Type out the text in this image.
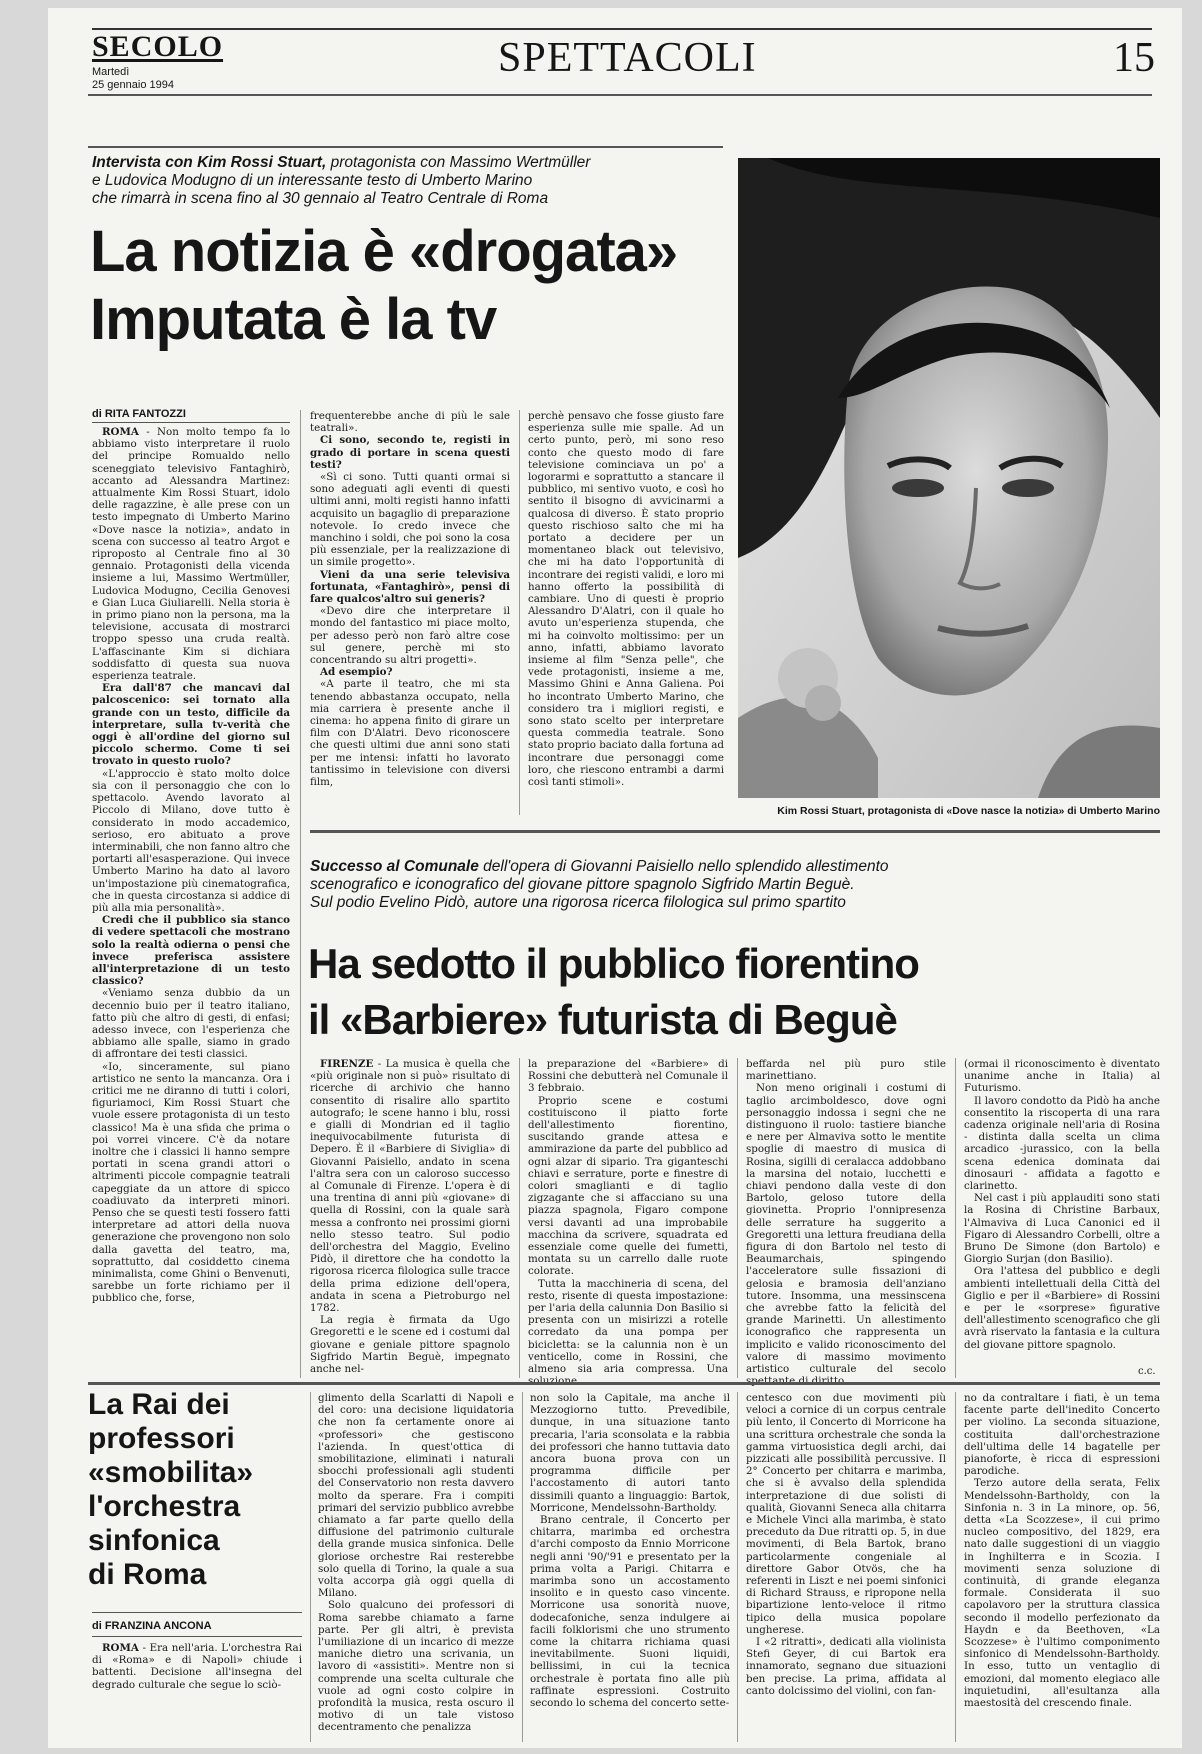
SECOLO
Martedì
25 gennaio 1994
SPETTACOLI	15
Intervista con Kim Rossi Stuart, protagonista con Massimo Wertmüller
e Ludovica Modugno di un interessante testo di Umberto Marino
che rimarrà in scena fino al 30 gennaio al Teatro Centrale di Roma
La notizia è «drogata»
Imputata è la tv
di RITA FANTOZZI

ROMA - Non molto tempo fa lo abbiamo visto interpretare il ruolo del principe Romualdo nello sceneggiato televisivo Fantaghirò, accanto ad Alessandra Martinez: attualmente Kim Rossi Stuart, idolo delle ragazzine, è alle prese con un testo impegnato di Umberto Marino «Dove nasce la notizia», andato in scena con successo al teatro Argot e riproposto al Centrale fino al 30 gennaio. Protagonisti della vicenda insieme a lui, Massimo Wertmüller, Ludovica Modugno, Cecilia Genovesi e Gian Luca Giuliarelli. Nella storia è in primo piano non la persona, ma la televisione, accusata di mostrarci troppo spesso una cruda realtà. L'affascinante Kim si dichiara soddisfatto di questa sua nuova esperienza teatrale.

Era dall'87 che mancavi dal palcoscenico: sei tornato alla grande con un testo, difficile da interpretare, sulla tv-verità che oggi è all'ordine del giorno sul piccolo schermo. Come ti sei trovato in questo ruolo?

«L'approccio è stato molto dolce sia con il personaggio che con lo spettacolo. Avendo lavorato al Piccolo di Milano, dove tutto è considerato in modo accademico, serioso, ero abituato a prove interminabili, che non fanno altro che portarti all'esasperazione. Qui invece Umberto Marino ha dato al lavoro un'impostazione più cinematografica, che in questa circostanza si addice di più alla mia personalità».

Credi che il pubblico sia stanco di vedere spettacoli che mostrano solo la realtà odierna o pensi che invece preferisca assistere all'interpretazione di un testo classico?

«Veniamo senza dubbio da un decennio buio per il teatro italiano, fatto più che altro di gesti, di enfasi; adesso invece, con l'esperienza che abbiamo alle spalle, siamo in grado di affrontare dei testi classici.

«Io, sinceramente, sul piano artistico ne sento la mancanza. Ora i critici me ne diranno di tutti i colori, figuriamoci, Kim Rossi Stuart che vuole essere protagonista di un testo classico! Ma è una sfida che prima o poi vorrei vincere. C'è da notare inoltre che i classici li hanno sempre portati in scena grandi attori o altrimenti piccole compagnie teatrali capeggiate da un attore di spicco coadiuvato da interpreti minori. Penso che se questi testi fossero fatti interpretare ad attori della nuova generazione che provengono non solo dalla gavetta del teatro, ma, soprattutto, dal cosiddetto cinema minimalista, come Ghini o Benvenuti, sarebbe un forte richiamo per il pubblico che, forse,

frequenterebbe anche di più le sale teatrali».

Ci sono, secondo te, registi in grado di portare in scena questi testi?

«Sì ci sono. Tutti quanti ormai si sono adeguati agli eventi di questi ultimi anni, molti registi hanno infatti acquisito un bagaglio di preparazione notevole. Io credo invece che manchino i soldi, che poi sono la cosa più essenziale, per la realizzazione di un simile progetto».

Vieni da una serie televisiva fortunata, «Fantaghirò», pensi di fare qualcos'altro sui generis?

«Devo dire che interpretare il mondo del fantastico mi piace molto, per adesso però non farò altre cose sul genere, perchè mi sto concentrando su altri progetti».

Ad esempio?

«A parte il teatro, che mi sta tenendo abbastanza occupato, nella mia carriera è presente anche il cinema: ho appena finito di girare un film con D'Alatri. Devo riconoscere che questi ultimi due anni sono stati per me intensi: infatti ho lavorato tantissimo in televisione con diversi film,

perchè pensavo che fosse giusto fare esperienza sulle mie spalle. Ad un certo punto, però, mi sono reso conto che questo modo di fare televisione cominciava un po' a logorarmi e soprattutto a stancare il pubblico, mi sentivo vuoto, e così ho sentito il bisogno di avvicinarmi a qualcosa di diverso. È stato proprio questo rischioso salto che mi ha portato a decidere per un momentaneo black out televisivo, che mi ha dato l'opportunità di incontrare dei registi validi, e loro mi hanno offerto la possibilità di cambiare. Uno di questi è proprio Alessandro D'Alatri, con il quale ho avuto un'esperienza stupenda, che mi ha coinvolto moltissimo: per un anno, infatti, abbiamo lavorato insieme al film "Senza pelle", che vede protagonisti, insieme a me, Massimo Ghini e Anna Galiena. Poi ho incontrato Umberto Marino, che considero tra i migliori registi, e sono stato scelto per interpretare questa commedia teatrale. Sono stato proprio baciato dalla fortuna ad incontrare due personaggi come loro, che riescono entrambi a darmi così tanti stimoli».

Kim Rossi Stuart, protagonista di «Dove nasce la notizia» di Umberto Marino
Successo al Comunale dell'opera di Giovanni Paisiello nello splendido allestimento
scenografico e iconografico del giovane pittore spagnolo Sigfrido Martin Beguè.
Sul podio Evelino Pidò, autore una rigorosa ricerca filologica sul primo spartito
Ha sedotto il pubblico fiorentino
il «Barbiere» futurista di Beguè

FIRENZE - La musica è quella che «più originale non si può» risultato di ricerche di archivio che hanno consentito di risalire allo spartito autografo; le scene hanno i blu, rossi e gialli di Mondrian ed il taglio inequivocabilmente futurista di Depero. È il «Barbiere di Siviglia» di Giovanni Paisiello, andato in scena l'altra sera con un caloroso successo al Comunale di Firenze. L'opera è di una trentina di anni più «giovane» di quella di Rossini, con la quale sarà messa a confronto nei prossimi giorni nello stesso teatro. Sul podio dell'orchestra del Maggio, Evelino Pidò, il direttore che ha condotto la rigorosa ricerca filologica sulle tracce della prima edizione dell'opera, andata in scena a Pietroburgo nel 1782.

La regia è firmata da Ugo Gregoretti e le scene ed i costumi dal giovane e geniale pittore spagnolo Sigfrido Martin Beguè, impegnato anche nel-

la preparazione del «Barbiere» di Rossini che debutterà nel Comunale il 3 febbraio.

Proprio scene e costumi costituiscono il piatto forte dell'allestimento fiorentino, suscitando grande attesa e ammirazione da parte del pubblico ad ogni alzar di sipario. Tra giganteschi chiavi e serrature, porte e finestre di colori smaglianti e di taglio zigzagante che si affacciano su una piazza spagnola, Figaro compone versi davanti ad una improbabile macchina da scrivere, squadrata ed essenziale come quelle dei fumetti, montata su un carrello dalle ruote colorate.

Tutta la macchineria di scena, del resto, risente di questa impostazione: per l'aria della calunnia Don Basilio si presenta con un misirizzi a rotelle corredato da una pompa per bicicletta: se la calunnia non è un venticello, come in Rossini, che almeno sia aria compressa. Una

beffarda nel più puro stile marinettiano.

Non meno originali i costumi di taglio arcimboldesco, dove ogni personaggio indossa i segni che ne distinguono il ruolo: tastiere bianche e nere per Almaviva sotto le mentite spoglie di maestro di musica di Rosina, sigilli di ceralacca addobbano la marsina del notaio, lucchetti e chiavi pendono dalla veste di don Bartolo, geloso tutore della giovinetta. Proprio l'onnipresenza delle serrature ha suggerito a Gregoretti una lettura freudiana della figura di don Bartolo nel testo di Beaumarchais, spingendo l'acceleratore sulle fissazioni di gelosia e bramosia dell'anziano tutore. Insomma, una messinscena che avrebbe fatto la felicità del grande Marinetti. Un allestimento iconografico che rappresenta un implicito e valido riconoscimento del valore di massimo movimento artistico culturale del secolo

(ormai il riconoscimento è diventato unanime anche in Italia) al Futurismo.

Il lavoro condotto da Pidò ha anche consentito la riscoperta di una rara cadenza originale nell'aria di Rosina - distinta dalla scelta un clima arcadico -jurassico, con la bella scena edenica dominata dai dinosauri - affidata a fagotto e clarinetto.

Nel cast i più applauditi sono stati la Rosina di Christine Barbaux, l'Almaviva di Luca Canonici ed il Figaro di Alessandro Corbelli, oltre a Bruno De Simone (don Bartolo) e Giorgio Surjan (don Basilio).

Ora l'attesa del pubblico e degli ambienti intellettuali della Città del Giglio e per il «Barbiere» di Rossini e per le «sorprese» figurative dell'allestimento scenografico che gli avrà riservato la fantasia e la cultura del giovane pittore spagnolo.

c.c.
La Rai dei
professori
«smobilita»
l'orchestra
sinfonica
di Roma
di FRANZINA ANCONA

ROMA - Era nell'aria. L'orchestra Rai di «Roma» e di Napoli» chiude i battenti. Decisione all'insegna del degrado culturale che segue lo sciò-

glimento della Scarlatti di Napoli e del coro: una decisione liquidatoria che non fa certamente onore ai «professori» che gestiscono l'azienda. In quest'ottica di smobilitazione, eliminati i naturali sbocchi professionali agli studenti del Conservatorio non resta davvero molto da sperare. Fra i compiti primari del servizio pubblico avrebbe chiamato a far parte quello della diffusione del patrimonio culturale della grande musica sinfonica. Delle gloriose orchestre Rai resterebbe solo quella di Torino, la quale a sua volta accorpa già oggi quella di Milano.

Solo qualcuno dei professori di Roma sarebbe chiamato a farne parte. Per gli altri, è prevista l'umiliazione di un incarico di mezze maniche dietro una scrivania, un lavoro di «assistiti». Mentre non si comprende una scelta culturale che vuole ad ogni costo colpire in profondità la musica, resta oscuro il motivo di un tale vistoso decentramento che penalizza

non solo la Capitale, ma anche il Mezzogiorno tutto. Prevedibile, dunque, in una situazione tanto precaria, l'aria sconsolata e la rabbia dei professori che hanno tuttavia dato ancora buona prova con un programma difficile per l'accostamento di autori tanto dissimili quanto a linguaggio: Bartok, Morricone, Mendelssohn-Bartholdy.

Brano centrale, il Concerto per chitarra, marimba ed orchestra d'archi composto da Ennio Morricone negli anni '90/'91 e presentato per la prima volta a Parigi. Chitarra e marimba sono un accostamento insolito e in questo caso vincente. Morricone usa sonorità nuove, dodecafoniche, senza indulgere ai facili folklorismi che uno strumento come la chitarra richiama quasi inevitabilmente. Suoni liquidi, bellissimi, in cui la tecnica orchestrale è portata fino alle più raffinate espressioni. Costruito secondo lo schema del concerto sette-

centesco con due movimenti più veloci a cornice di un corpus centrale più lento, il Concerto di Morricone ha una scrittura orchestrale che sonda la gamma virtuosistica degli archi, dai pizzicati alle possibilità percussive. Il 2° Concerto per chitarra e marimba, che si è avvalso della splendida interpretazione di due solisti di qualità, Giovanni Seneca alla chitarra e Michele Vinci alla marimba, è stato preceduto da Due ritratti op. 5, in due movimenti, di Bela Bartok, brano particolarmente congeniale al direttore Gabor Otvös, che ha referenti in Liszt e nei poemi sinfonici di Richard Strauss, e ripropone nella bipartizione lento-veloce il ritmo tipico della musica popolare ungherese.

I «2 ritratti», dedicati alla violinista Stefi Geyer, di cui Bartok era innamorato, segnano due situazioni ben precise. La prima, affidata al canto dolcissimo del violini, con fan-

no da contraltare i fiati, è un tema facente parte dell'inedito Concerto per violino. La seconda situazione, costituita dall'orchestrazione dell'ultima delle 14 bagatelle per pianoforte, è ricca di espressioni parodiche.

Terzo autore della serata, Felix Mendelssohn-Bartholdy, con la Sinfonia n. 3 in La minore, op. 56, detta «La Scozzese», il cui primo nucleo compositivo, del 1829, era nato dalle suggestioni di un viaggio in Inghilterra e in Scozia. I movimenti senza soluzione di continuità, di grande eleganza formale. Considerata il suo capolavoro per la struttura classica secondo il modello perfezionato da Haydn e da Beethoven, «La Scozzese» è l'ultimo componimento sinfonico di Mendelssohn-Bartholdy. In esso, tutto un ventaglio di emozioni, dal momento elegiaco alle inquietudini, all'esultanza alla maestosità del crescendo finale.
